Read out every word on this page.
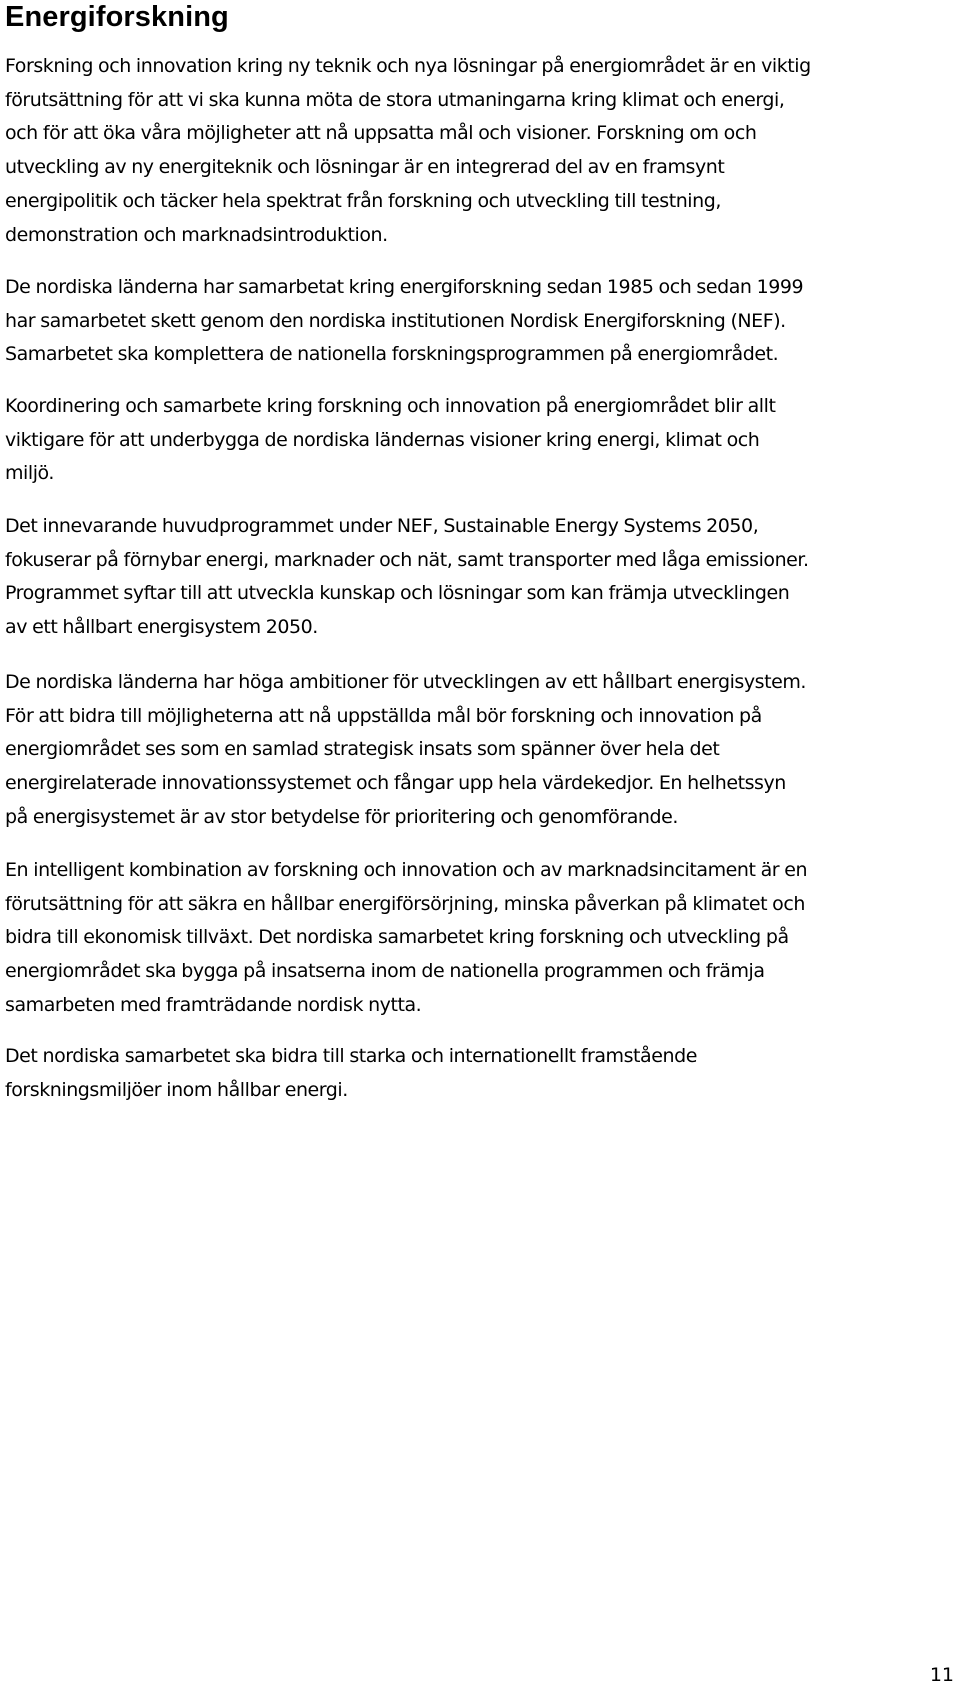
Energiforskning

Forskning och innovation kring ny teknik och nya lösningar på energiområdet är en viktig
förutsättning för att vi ska kunna möta de stora utmaningarna kring klimat och energi,
och för att öka våra möjligheter att nå uppsatta mål och visioner. Forskning om och
utveckling av ny energiteknik och lösningar är en integrerad del av en framsynt
energipolitik och täcker hela spektrat från forskning och utveckling till testning,
demonstration och marknadsintroduktion.

De nordiska länderna har samarbetat kring energiforskning sedan 1985 och sedan 1999
har samarbetet skett genom den nordiska institutionen Nordisk Energiforskning (NEF).
Samarbetet ska komplettera de nationella forskningsprogrammen på energiområdet.

Koordinering och samarbete kring forskning och innovation på energiområdet blir allt
viktigare för att underbygga de nordiska ländernas visioner kring energi, klimat och
miljö.

Det innevarande huvudprogrammet under NEF, Sustainable Energy Systems 2050,
fokuserar på förnybar energi, marknader och nät, samt transporter med låga emissioner.
Programmet syftar till att utveckla kunskap och lösningar som kan främja utvecklingen
av ett hållbart energisystem 2050.

De nordiska länderna har höga ambitioner för utvecklingen av ett hållbart energisystem.
För att bidra till möjligheterna att nå uppställda mål bör forskning och innovation på
energiområdet ses som en samlad strategisk insats som spänner över hela det
energirelaterade innovationssystemet och fångar upp hela värdekedjor. En helhetssyn
på energisystemet är av stor betydelse för prioritering och genomförande.

En intelligent kombination av forskning och innovation och av marknadsincitament är en
förutsättning för att säkra en hållbar energiförsörjning, minska påverkan på klimatet och
bidra till ekonomisk tillväxt. Det nordiska samarbetet kring forskning och utveckling på
energiområdet ska bygga på insatserna inom de nationella programmen och främja
samarbeten med framträdande nordisk nytta.

Det nordiska samarbetet ska bidra till starka och internationellt framstående
forskningsmiljöer inom hållbar energi.

11
